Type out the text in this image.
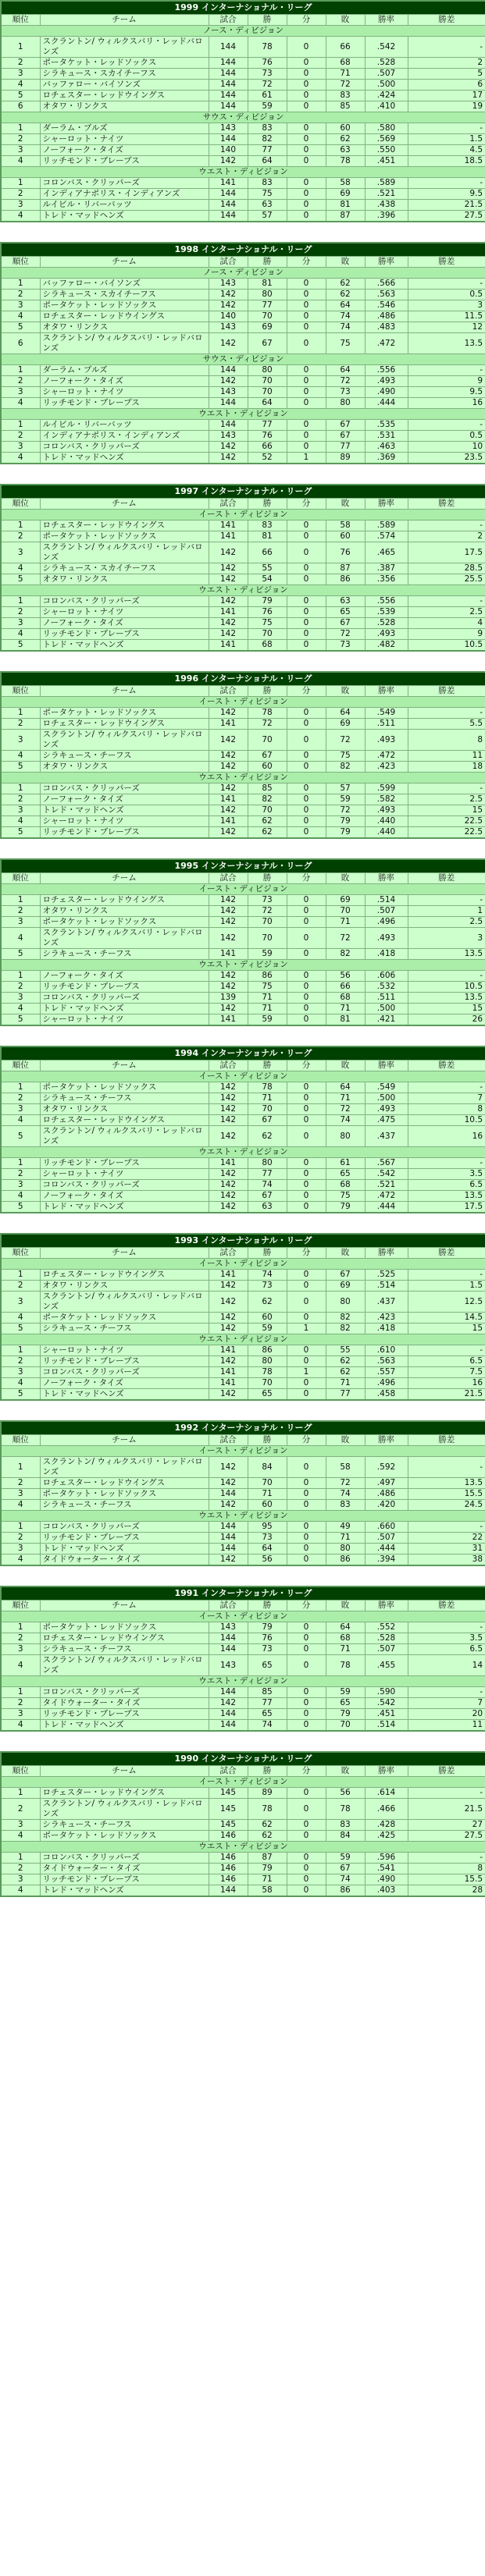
1999 インターナショナル・リーグ							
順位	チーム	試合	勝	分	敗	勝率	勝差
ノース・ディビジョン							
1	スクラントン/ ウィルクスバリ・レッドバロンズ	144	78	0	66	.542	-
2	ポータケット・レッドソックス	144	76	0	68	.528	2
3	シラキュース・スカイチーフス	144	73	0	71	.507	5
4	バッファロー・バイソンズ	144	72	0	72	.500	6
5	ロチェスター・レッドウイングス	144	61	0	83	.424	17
6	オタワ・リンクス	144	59	0	85	.410	19
サウス・ディビジョン							
1	ダーラム・ブルズ	143	83	0	60	.580	-
2	シャーロット・ナイツ	144	82	0	62	.569	1.5
3	ノーフォーク・タイズ	140	77	0	63	.550	4.5
4	リッチモンド・ブレーブス	142	64	0	78	.451	18.5
ウエスト・ディビジョン							
1	コロンバス・クリッパーズ	141	83	0	58	.589	-
2	インディアナポリス・インディアンズ	144	75	0	69	.521	9.5
3	ルイビル・リバーバッツ	144	63	0	81	.438	21.5
4	トレド・マッドヘンズ	144	57	0	87	.396	27.5
1998 インターナショナル・リーグ							
順位	チーム	試合	勝	分	敗	勝率	勝差
ノース・ディビジョン							
1	バッファロー・バイソンズ	143	81	0	62	.566	-
2	シラキュース・スカイチーフス	142	80	0	62	.563	0.5
3	ポータケット・レッドソックス	142	77	0	64	.546	3
4	ロチェスター・レッドウイングス	140	70	0	74	.486	11.5
5	オタワ・リンクス	143	69	0	74	.483	12
6	スクラントン/ ウィルクスバリ・レッドバロンズ	142	67	0	75	.472	13.5
サウス・ディビジョン							
1	ダーラム・ブルズ	144	80	0	64	.556	-
2	ノーフォーク・タイズ	142	70	0	72	.493	9
3	シャーロット・ナイツ	143	70	0	73	.490	9.5
4	リッチモンド・ブレーブス	144	64	0	80	.444	16
ウエスト・ディビジョン							
1	ルイビル・リバーバッツ	144	77	0	67	.535	-
2	インディアナポリス・インディアンズ	143	76	0	67	.531	0.5
3	コロンバス・クリッパーズ	142	66	0	77	.463	10
4	トレド・マッドヘンズ	142	52	1	89	.369	23.5
1997 インターナショナル・リーグ							
順位	チーム	試合	勝	分	敗	勝率	勝差
イースト・ディビジョン							
1	ロチェスター・レッドウイングス	141	83	0	58	.589	-
2	ポータケット・レッドソックス	141	81	0	60	.574	2
3	スクラントン/ ウィルクスバリ・レッドバロンズ	142	66	0	76	.465	17.5
4	シラキュース・スカイチーフス	142	55	0	87	.387	28.5
5	オタワ・リンクス	142	54	0	86	.356	25.5
ウエスト・ディビジョン							
1	コロンバス・クリッパーズ	142	79	0	63	.556	-
2	シャーロット・ナイツ	141	76	0	65	.539	2.5
3	ノーフォーク・タイズ	142	75	0	67	.528	4
4	リッチモンド・ブレーブス	142	70	0	72	.493	9
5	トレド・マッドヘンズ	141	68	0	73	.482	10.5
1996 インターナショナル・リーグ							
順位	チーム	試合	勝	分	敗	勝率	勝差
イースト・ディビジョン							
1	ポータケット・レッドソックス	142	78	0	64	.549	-
2	ロチェスター・レッドウイングス	141	72	0	69	.511	5.5
3	スクラントン/ ウィルクスバリ・レッドバロンズ	142	70	0	72	.493	8
4	シラキュース・チーフス	142	67	0	75	.472	11
5	オタワ・リンクス	142	60	0	82	.423	18
ウエスト・ディビジョン							
1	コロンバス・クリッパーズ	142	85	0	57	.599	-
2	ノーフォーク・タイズ	141	82	0	59	.582	2.5
3	トレド・マッドヘンズ	142	70	0	72	.493	15
4	シャーロット・ナイツ	141	62	0	79	.440	22.5
5	リッチモンド・ブレーブス	142	62	0	79	.440	22.5
1995 インターナショナル・リーグ							
順位	チーム	試合	勝	分	敗	勝率	勝差
イースト・ディビジョン							
1	ロチェスター・レッドウイングス	142	73	0	69	.514	-
2	オタワ・リンクス	142	72	0	70	.507	1
3	ポータケット・レッドソックス	142	70	0	71	.496	2.5
4	スクラントン/ ウィルクスバリ・レッドバロンズ	142	70	0	72	.493	3
5	シラキュース・チーフス	141	59	0	82	.418	13.5
ウエスト・ディビジョン							
1	ノーフォーク・タイズ	142	86	0	56	.606	-
2	リッチモンド・ブレーブス	142	75	0	66	.532	10.5
3	コロンバス・クリッパーズ	139	71	0	68	.511	13.5
4	トレド・マッドヘンズ	142	71	0	71	.500	15
5	シャーロット・ナイツ	141	59	0	81	.421	26
1994 インターナショナル・リーグ							
順位	チーム	試合	勝	分	敗	勝率	勝差
イースト・ディビジョン							
1	ポータケット・レッドソックス	142	78	0	64	.549	-
2	シラキュース・チーフス	142	71	0	71	.500	7
3	オタワ・リンクス	142	70	0	72	.493	8
4	ロチェスター・レッドウイングス	142	67	0	74	.475	10.5
5	スクラントン/ ウィルクスバリ・レッドバロンズ	142	62	0	80	.437	16
ウエスト・ディビジョン							
1	リッチモンド・ブレーブス	141	80	0	61	.567	-
2	シャーロット・ナイツ	142	77	0	65	.542	3.5
3	コロンバス・クリッパーズ	142	74	0	68	.521	6.5
4	ノーフォーク・タイズ	142	67	0	75	.472	13.5
5	トレド・マッドヘンズ	142	63	0	79	.444	17.5
1993 インターナショナル・リーグ							
順位	チーム	試合	勝	分	敗	勝率	勝差
イースト・ディビジョン							
1	ロチェスター・レッドウイングス	141	74	0	67	.525	-
2	オタワ・リンクス	142	73	0	69	.514	1.5
3	スクラントン/ ウィルクスバリ・レッドバロンズ	142	62	0	80	.437	12.5
4	ポータケット・レッドソックス	142	60	0	82	.423	14.5
5	シラキュース・チーフス	142	59	1	82	.418	15
ウエスト・ディビジョン							
1	シャーロット・ナイツ	141	86	0	55	.610	-
2	リッチモンド・ブレーブス	142	80	0	62	.563	6.5
3	コロンバス・クリッパーズ	141	78	1	62	.557	7.5
4	ノーフォーク・タイズ	141	70	0	71	.496	16
5	トレド・マッドヘンズ	142	65	0	77	.458	21.5
1992 インターナショナル・リーグ							
順位	チーム	試合	勝	分	敗	勝率	勝差
イースト・ディビジョン							
1	スクラントン/ ウィルクスバリ・レッドバロンズ	142	84	0	58	.592	-
2	ロチェスター・レッドウイングス	142	70	0	72	.497	13.5
3	ポータケット・レッドソックス	144	71	0	74	.486	15.5
4	シラキュース・チーフス	142	60	0	83	.420	24.5
ウエスト・ディビジョン							
1	コロンバス・クリッパーズ	144	95	0	49	.660	-
2	リッチモンド・ブレーブス	144	73	0	71	.507	22
3	トレド・マッドヘンズ	144	64	0	80	.444	31
4	タイドウォーター・タイズ	142	56	0	86	.394	38
1991 インターナショナル・リーグ							
順位	チーム	試合	勝	分	敗	勝率	勝差
イースト・ディビジョン							
1	ポータケット・レッドソックス	143	79	0	64	.552	-
2	ロチェスター・レッドウイングス	144	76	0	68	.528	3.5
3	シラキュース・チーフス	144	73	0	71	.507	6.5
4	スクラントン/ ウィルクスバリ・レッドバロンズ	143	65	0	78	.455	14
ウエスト・ディビジョン							
1	コロンバス・クリッパーズ	144	85	0	59	.590	-
2	タイドウォーター・タイズ	142	77	0	65	.542	7
3	リッチモンド・ブレーブス	144	65	0	79	.451	20
4	トレド・マッドヘンズ	144	74	0	70	.514	11
1990 インターナショナル・リーグ							
順位	チーム	試合	勝	分	敗	勝率	勝差
イースト・ディビジョン							
1	ロチェスター・レッドウイングス	145	89	0	56	.614	-
2	スクラントン/ ウィルクスバリ・レッドバロンズ	145	78	0	78	.466	21.5
3	シラキュース・チーフス	145	62	0	83	.428	27
4	ポータケット・レッドソックス	146	62	0	84	.425	27.5
ウエスト・ディビジョン							
1	コロンバス・クリッパーズ	146	87	0	59	.596	-
2	タイドウォーター・タイズ	146	79	0	67	.541	8
3	リッチモンド・ブレーブス	146	71	0	74	.490	15.5
4	トレド・マッドヘンズ	144	58	0	86	.403	28
